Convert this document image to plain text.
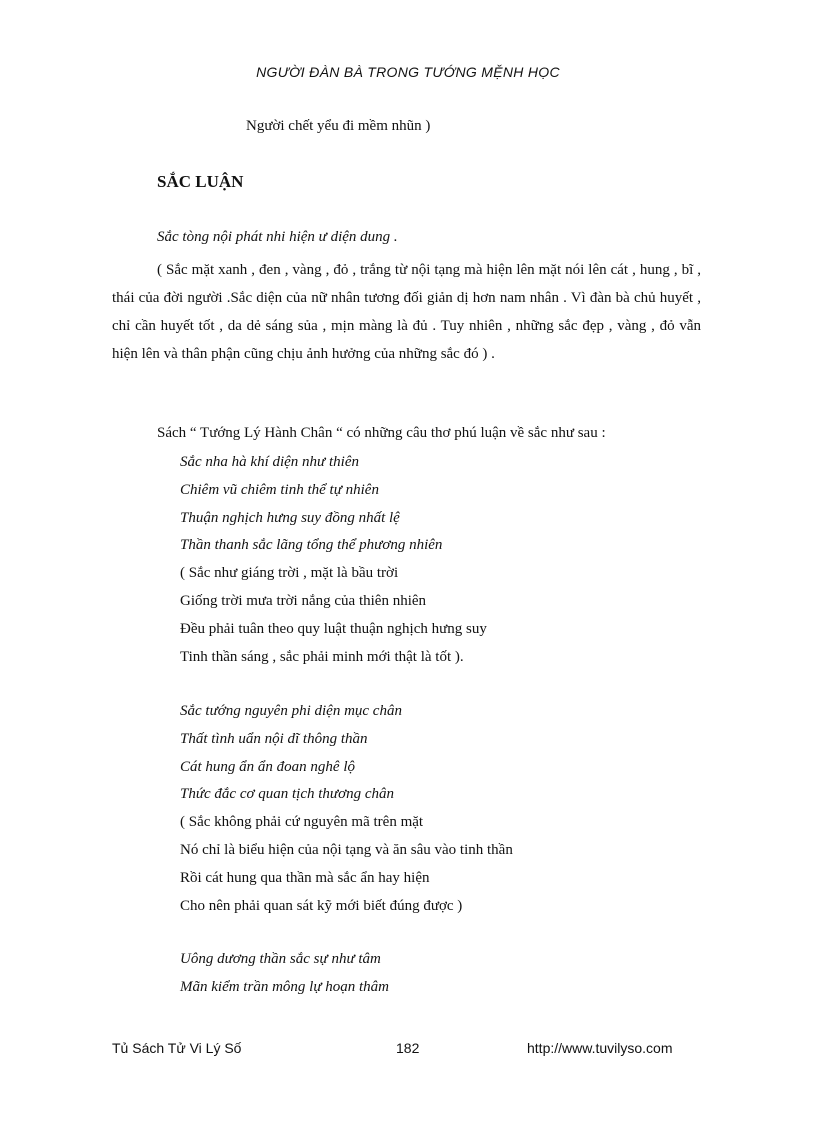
NGƯỜI ĐÀN BÀ TRONG TƯỚNG MỆNH HỌC
Người chết yểu đi mềm nhũn )
SẮC LUẬN
Sắc tòng nội phát nhi hiện ư diện dung .
( Sắc mặt xanh , đen , vàng , đỏ , trắng từ nội tạng mà hiện lên mặt nói lên cát , hung , bĩ , thái của đời người .Sắc diện của nữ nhân tương đối giản dị hơn nam nhân . Vì đàn bà chủ huyết , chỉ cần huyết tốt , da dẻ sáng sủa , mịn màng là đủ . Tuy nhiên , những sắc đẹp , vàng , đỏ vẫn hiện lên và thân phận cũng chịu ảnh hưởng của những sắc đó ) .
Sách “ Tướng Lý Hành Chân “ có những câu thơ phú luận về sắc như sau :
Sắc nha hà khí diện như thiên
Chiêm vũ chiêm tinh thể tự nhiên
Thuận nghịch hưng suy đồng nhất lệ
Thần thanh sắc lãng tổng thể phương nhiên
( Sắc như giáng trời , mặt là bầu trời
Giống trời mưa trời nắng của thiên nhiên
Đều phải tuân theo quy luật thuận nghịch hưng suy
Tinh thần sáng , sắc phải minh mới thật là tốt ).
Sắc tướng nguyên phi diện mục chân
Thất tình uẩn nội dĩ thông thần
Cát hung ẩn ẩn đoan nghê lộ
Thức đắc cơ quan tịch thương chân
( Sắc không phải cứ nguyên mã trên mặt
Nó chỉ là biểu hiện của nội tạng và ăn sâu vào tinh thần
Rồi cát hung qua thần mà sắc ẩn hay hiện
Cho nên phải quan sát kỹ mới biết đúng được )
Uông dương thần sắc sự như tâm
Mãn kiểm trần mông lự hoạn thâm
Tủ Sách Tử Vi Lý Số	182	http://www.tuvilyso.com
